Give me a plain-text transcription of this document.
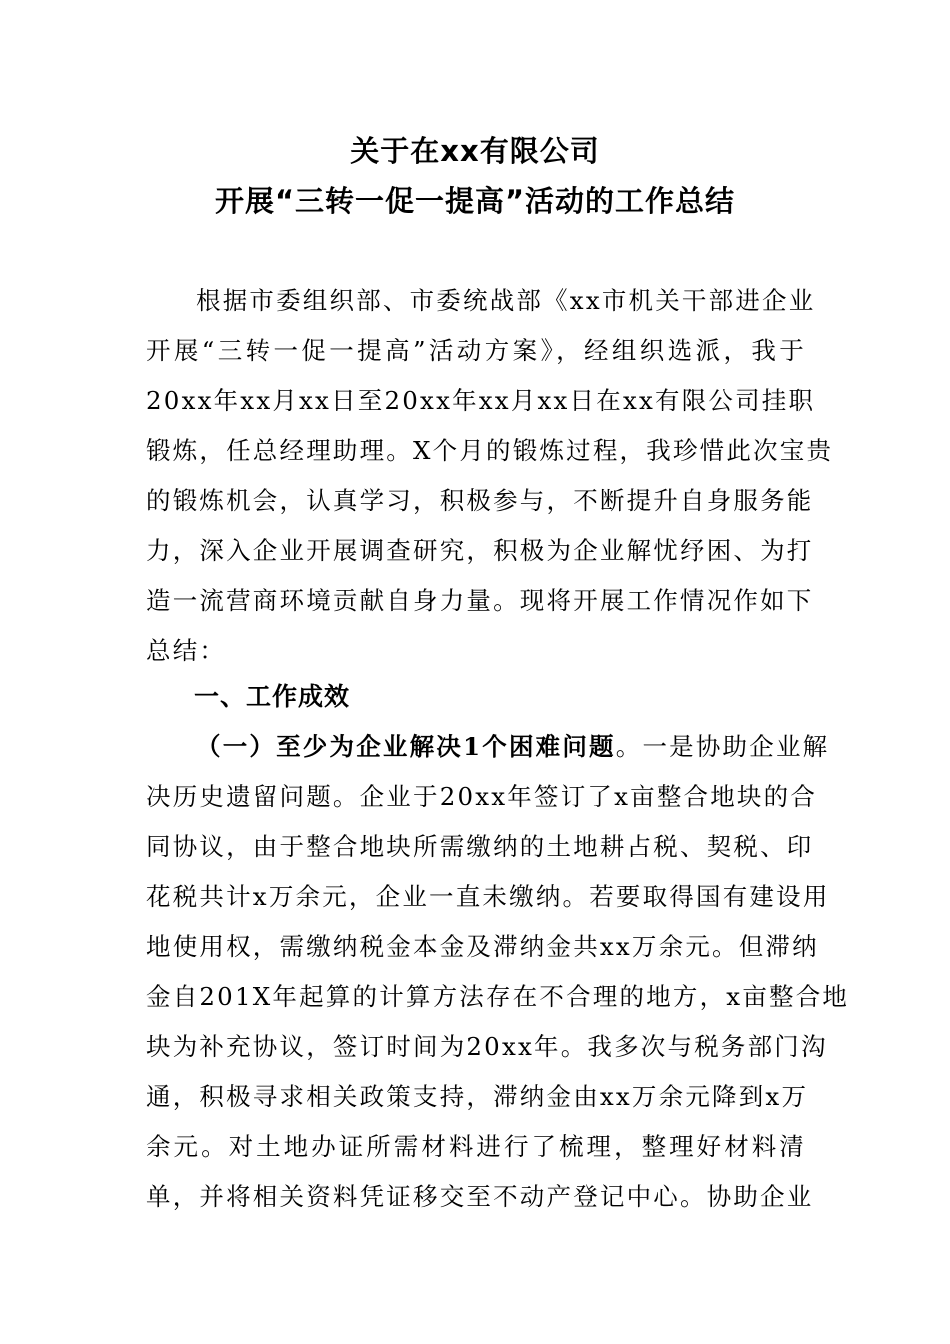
关于在xx有限公司
开展“三转一促一提高”活动的工作总结
根据市委组织部、市委统战部《xx市机关干部进企业
开展“三转一促一提高”活动方案》，经组织选派，我于
20xx年xx月xx日至20xx年xx月xx日在xx有限公司挂职
锻炼，任总经理助理。X个月的锻炼过程，我珍惜此次宝贵
的锻炼机会，认真学习，积极参与，不断提升自身服务能
力，深入企业开展调查研究，积极为企业解忧纾困、为打
造一流营商环境贡献自身力量。现将开展工作情况作如下
总结：
一、工作成效
（一）至少为企业解决1个困难问题。一是协助企业解
决历史遗留问题。企业于20xx年签订了x亩整合地块的合
同协议，由于整合地块所需缴纳的土地耕占税、契税、印
花税共计x万余元，企业一直未缴纳。若要取得国有建设用
地使用权，需缴纳税金本金及滞纳金共xx万余元。但滞纳
金自201X年起算的计算方法存在不合理的地方，x亩整合地
块为补充协议，签订时间为20xx年。我多次与税务部门沟
通，积极寻求相关政策支持，滞纳金由xx万余元降到x万
余元。对土地办证所需材料进行了梳理，整理好材料清
单，并将相关资料凭证移交至不动产登记中心。协助企业
